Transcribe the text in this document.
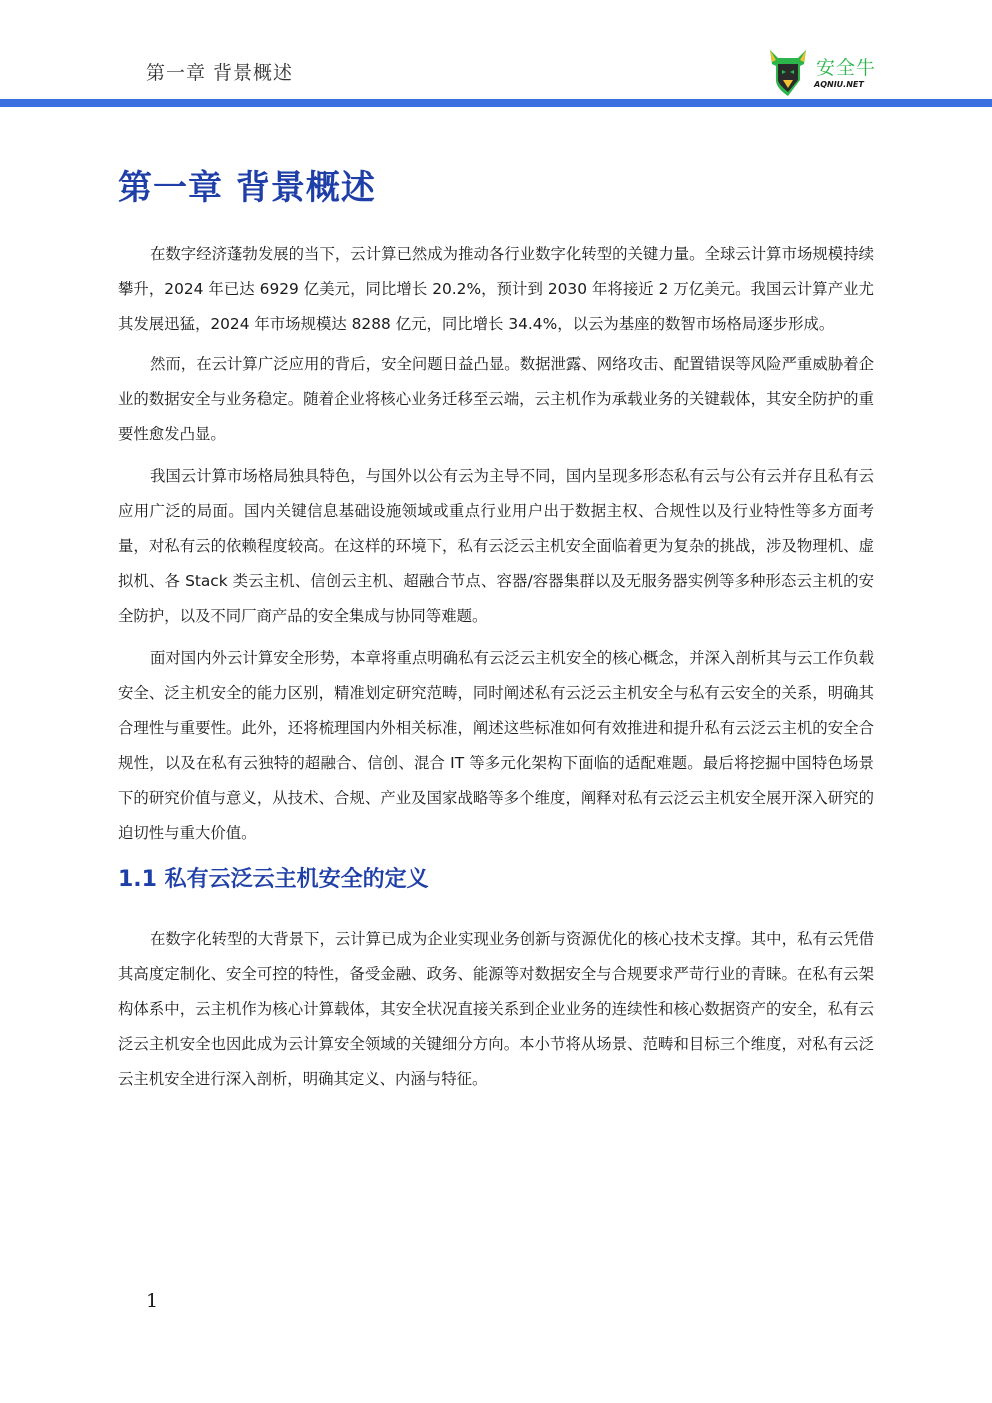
第一章 背景概述	安全牛
AQNIU.NET
第一章 背景概述

在数字经济蓬勃发展的当下，云计算已然成为推动各行业数字化转型的关键力量。全球云计算市场规模持续攀升，2024 年已达 6929 亿美元，同比增长 20.2%，预计到 2030 年将接近 2 万亿美元。我国云计算产业尤其发展迅猛，2024 年市场规模达 8288 亿元，同比增长 34.4%，以云为基座的数智市场格局逐步形成。

然而，在云计算广泛应用的背后，安全问题日益凸显。数据泄露、网络攻击、配置错误等风险严重威胁着企业的数据安全与业务稳定。随着企业将核心业务迁移至云端，云主机作为承载业务的关键载体，其安全防护的重要性愈发凸显。

我国云计算市场格局独具特色，与国外以公有云为主导不同，国内呈现多形态私有云与公有云并存且私有云应用广泛的局面。国内关键信息基础设施领域或重点行业用户出于数据主权、合规性以及行业特性等多方面考量，对私有云的依赖程度较高。在这样的环境下，私有云泛云主机安全面临着更为复杂的挑战，涉及物理机、虚拟机、各 Stack 类云主机、信创云主机、超融合节点、容器/容器集群以及无服务器实例等多种形态云主机的安全防护，以及不同厂商产品的安全集成与协同等难题。

面对国内外云计算安全形势，本章将重点明确私有云泛云主机安全的核心概念，并深入剖析其与云工作负载安全、泛主机安全的能力区别，精准划定研究范畴，同时阐述私有云泛云主机安全与私有云安全的关系，明确其合理性与重要性。此外，还将梳理国内外相关标准，阐述这些标准如何有效推进和提升私有云泛云主机的安全合规性，以及在私有云独特的超融合、信创、混合 IT 等多元化架构下面临的适配难题。最后将挖掘中国特色场景下的研究价值与意义，从技术、合规、产业及国家战略等多个维度，阐释对私有云泛云主机安全展开深入研究的迫切性与重大价值。

1.1 私有云泛云主机安全的定义

在数字化转型的大背景下，云计算已成为企业实现业务创新与资源优化的核心技术支撑。其中，私有云凭借其高度定制化、安全可控的特性，备受金融、政务、能源等对数据安全与合规要求严苛行业的青睐。在私有云架构体系中，云主机作为核心计算载体，其安全状况直接关系到企业业务的连续性和核心数据资产的安全，私有云泛云主机安全也因此成为云计算安全领域的关键细分方向。本小节将从场景、范畴和目标三个维度，对私有云泛云主机安全进行深入剖析，明确其定义、内涵与特征。

1
